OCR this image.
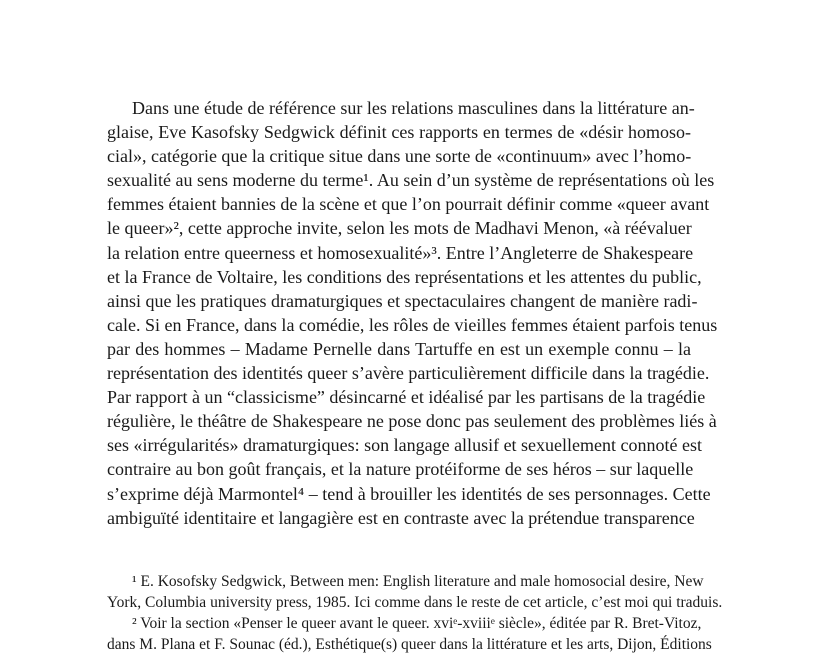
Dans une étude de référence sur les relations masculines dans la littérature an-
glaise, Eve Kasofsky Sedgwick définit ces rapports en termes de «désir homoso-
cial», catégorie que la critique situe dans une sorte de «continuum» avec l’homo-
sexualité au sens moderne du terme¹. Au sein d’un système de représentations où les
femmes étaient bannies de la scène et que l’on pourrait définir comme «queer avant
le queer»², cette approche invite, selon les mots de Madhavi Menon, «à réévaluer
la relation entre queerness et homosexualité»³. Entre l’Angleterre de Shakespeare
et la France de Voltaire, les conditions des représentations et les attentes du public,
ainsi que les pratiques dramaturgiques et spectaculaires changent de manière radi-
cale. Si en France, dans la comédie, les rôles de vieilles femmes étaient parfois tenus
par des hommes – Madame Pernelle dans Tartuffe en est un exemple connu – la
représentation des identités queer s’avère particulièrement difficile dans la tragédie.
Par rapport à un “classicisme” désincarné et idéalisé par les partisans de la tragédie
régulière, le théâtre de Shakespeare ne pose donc pas seulement des problèmes liés à
ses «irrégularités» dramaturgiques: son langage allusif et sexuellement connoté est
contraire au bon goût français, et la nature protéiforme de ses héros – sur laquelle
s’exprime déjà Marmontel⁴ – tend à brouiller les identités de ses personnages. Cette
ambiguïté identitaire et langagière est en contraste avec la prétendue transparence
¹ E. Kosofsky Sedgwick, Between men: English literature and male homosocial desire, New
York, Columbia university press, 1985. Ici comme dans le reste de cet article, c’est moi qui traduis.
² Voir la section «Penser le queer avant le queer. xviᵉ-xviiiᵉ siècle», éditée par R. Bret-Vitoz,
dans M. Plana et F. Sounac (éd.), Esthétique(s) queer dans la littérature et les arts, Dijon, Éditions
